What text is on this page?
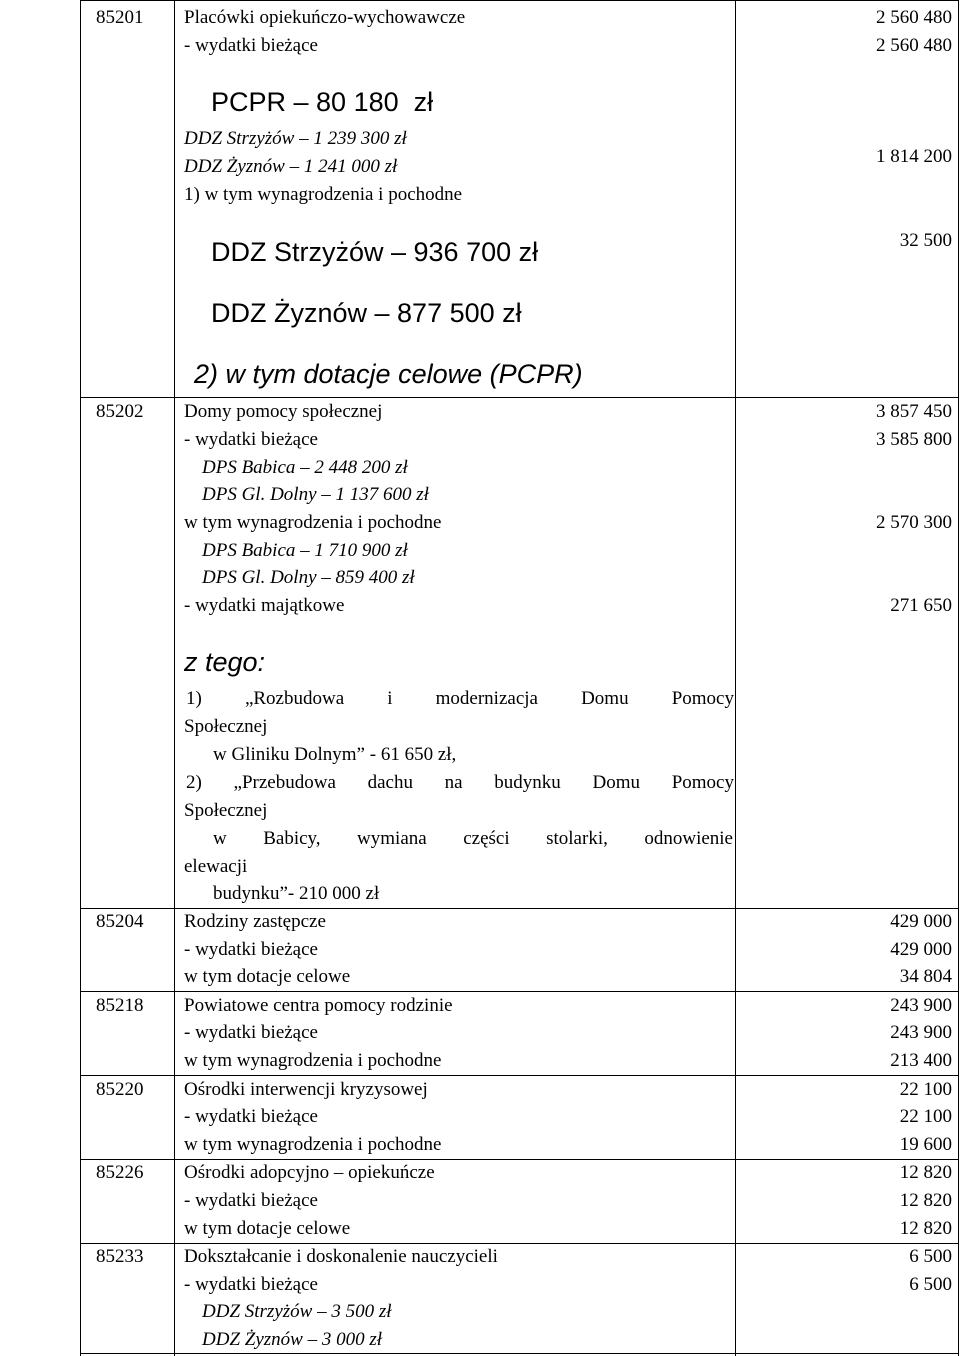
85201 Placówki opiekuńczo-wychowawcze
- wydatki bieżące
PCPR – 80 180  zł
DDZ Strzyżów – 1 239 300 zł
DDZ Żyznów – 1 241 000 zł
1) w tym wynagrodzenia i pochodne
DDZ Strzyżów – 936 700 zł
DDZ Żyznów – 877 500 zł
2) w tym dotacje celowe (PCPR)
2 560 480
2 560 480
1 814 200
32 500
85202 Domy pomocy społecznej
- wydatki bieżące
DPS Babica – 2 448 200 zł
DPS Gl. Dolny – 1 137 600 zł
w tym wynagrodzenia i pochodne
DPS Babica – 1 710 900 zł
DPS Gl. Dolny – 859 400 zł
- wydatki majątkowe
3 857 450
3 585 800
2 570 300
271 650
z tego:
1) „Rozbudowa i modernizacja Domu Pomocy
Społecznej
w Gliniku Dolnym” - 61 650 zł,
2) „Przebudowa dachu na budynku Domu Pomocy
Społecznej
w Babicy, wymiana części stolarki, odnowienie
elewacji
budynku”- 210 000 zł
85204 Rodziny zastępcze
- wydatki bieżące
w tym dotacje celowe
429 000
429 000
34 804
85218 Powiatowe centra pomocy rodzinie
- wydatki bieżące
w tym wynagrodzenia i pochodne
243 900
243 900
213 400
85220 Ośrodki interwencji kryzysowej
- wydatki bieżące
w tym wynagrodzenia i pochodne
22 100
22 100
19 600
85226 Ośrodki adopcyjno – opiekuńcze
- wydatki bieżące
w tym dotacje celowe
12 820
12 820
12 820
85233 Dokształcanie i doskonalenie nauczycieli
- wydatki bieżące
DDZ Strzyżów – 3 500 zł
DDZ Żyznów – 3 000 zł
6 500
6 500
